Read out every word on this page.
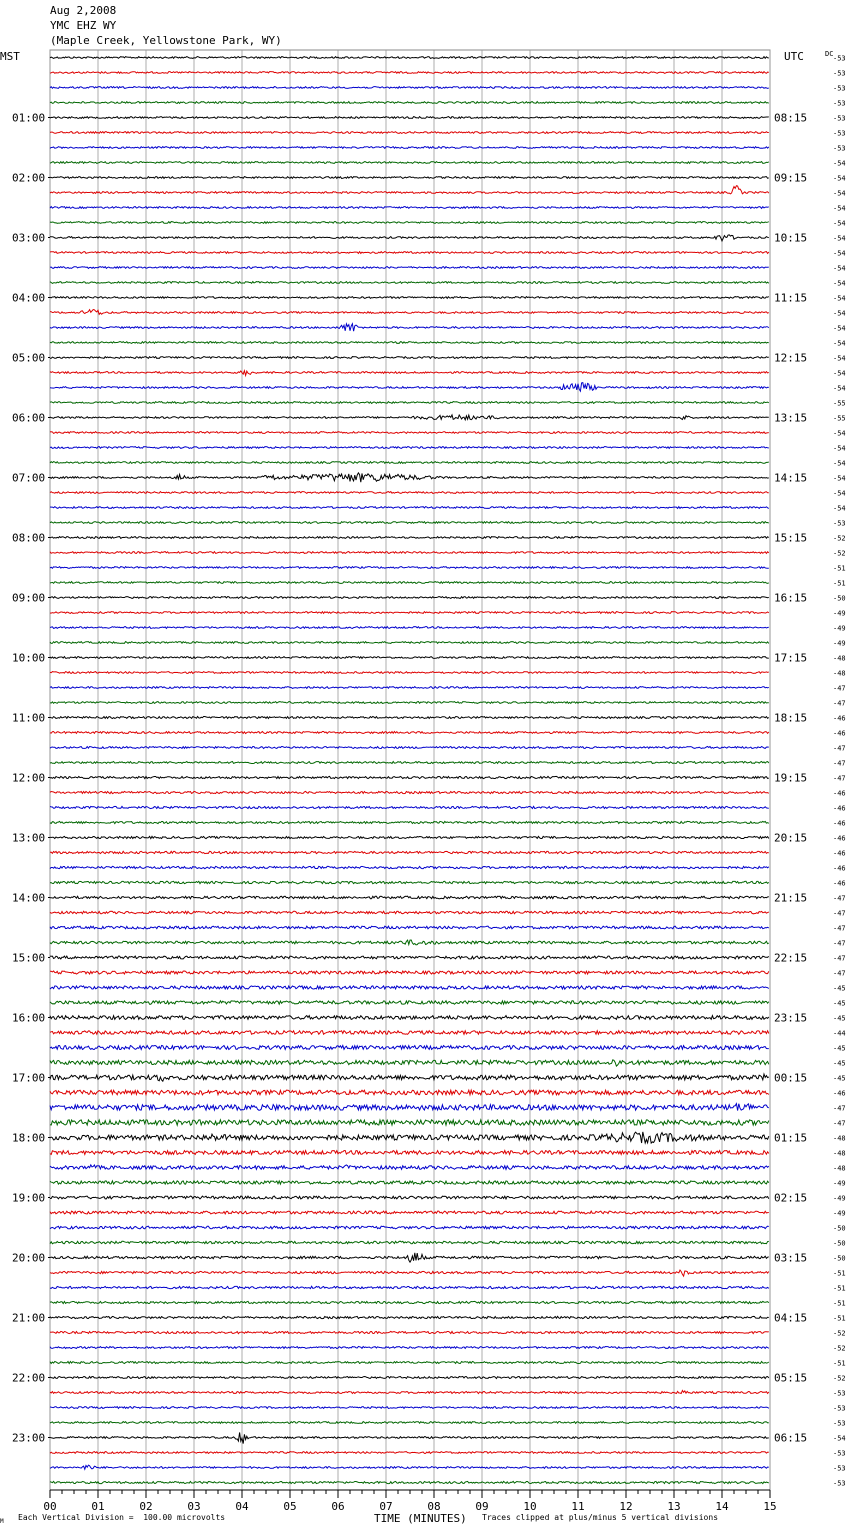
Aug 2,2008
YMC EHZ WY
(Maple Creek, Yellowstone Park, WY)
MST	UTC	DC
00	01	02	03	04	05	06	07	08	09	10	11	12	13	14	15
-53
-53
-53
-53
-53
-53
-53
-54
-54
-54
-54
-54
-54
-54
-54
-54
-54
-54
-54
-54
-54
-54
-54
-55
-55
-54
-54
-54
-54
-54
-54
-53
-52
-52
-51
-51
-50
-49
-49
-49
-48
-48
-47
-47
-46
-46
-47
-47
-47
-46
-46
-46
-46
-46
-46
-46
-47
-47
-47
-47
-47
-47
-45
-45
-45
-44
-45
-45
-45
-46
-47
-47
-48
-48
-48
-49
-49
-49
-50
-50
-50
-51
-51
-51
-51
-52
-52
-51
-52
-53
-53
-53
-54
-53
-53
-53
01:00
02:00
03:00
04:00
05:00
06:00
07:00
08:00
09:00
10:00
11:00
12:00
13:00
14:00
15:00
16:00
17:00
18:00
19:00
20:00
21:00
22:00
23:00
08:15
09:15
10:15
11:15
12:15
13:15
14:15
15:15
16:15
17:15
18:15
19:15
20:15
21:15
22:15
23:15
00:15
01:15
02:15
03:15
04:15
05:15
06:15
M Each Vertical Division =  100.00 microvolts	TIME (MINUTES) Traces clipped at plus/minus 5 vertical divisions
